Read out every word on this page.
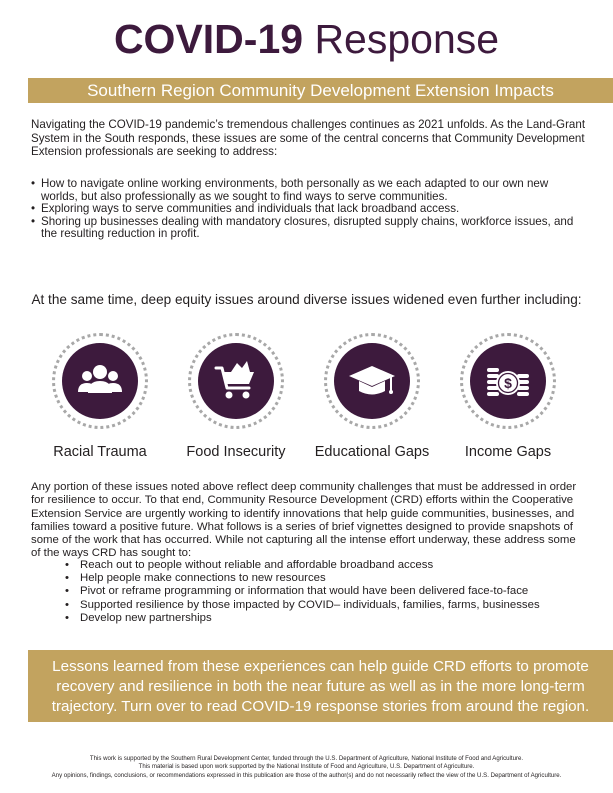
COVID-19 Response
Southern Region Community Development Extension Impacts

Navigating the COVID-19 pandemic’s tremendous challenges continues as 2021 unfolds. As the Land-Grant System in the South responds, these issues are some of the central concerns that Community Development Extension professionals are seeking to address:

• How to navigate online working environments, both personally as we each adapted to our own new worlds, but also professionally as we sought to find ways to serve communities.
• Exploring ways to serve communities and individuals that lack broadband access.
• Shoring up businesses dealing with mandatory closures, disrupted supply chains, workforce issues, and the resulting reduction in profit.

At the same time, deep equity issues around diverse issues widened even further including:

Racial Trauma	Food Insecurity	Educational Gaps
$
Income Gaps

Any portion of these issues noted above reflect deep community challenges that must be addressed in order for resilience to occur. To that end, Community Resource Development (CRD) efforts within the Cooperative Extension Service are urgently working to identify innovations that help guide communities, businesses, and families toward a positive future. What follows is a series of brief vignettes designed to provide snapshots of some of the work that has occurred. While not capturing all the intense effort underway, these address some of the ways CRD has sought to:

• Reach out to people without reliable and affordable broadband access
• Help people make connections to new resources
• Pivot or reframe programming or information that would have been delivered face-to-face
• Supported resilience by those impacted by COVID– individuals, families, farms, businesses
• Develop new partnerships

Lessons learned from these experiences can help guide CRD efforts to promote recovery and resilience in both the near future as well as in the more long-term trajectory. Turn over to read COVID-19 response stories from around the region.

This work is supported by the Southern Rural Development Center, funded through the U.S. Department of Agriculture, National Institute of Food and Agriculture.
This material is based upon work supported by the National Institute of Food and Agriculture, U.S. Department of Agriculture.
Any opinions, findings, conclusions, or recommendations expressed in this publication are those of the author(s) and do not necessarily reflect the view of the U.S. Department of Agriculture.
